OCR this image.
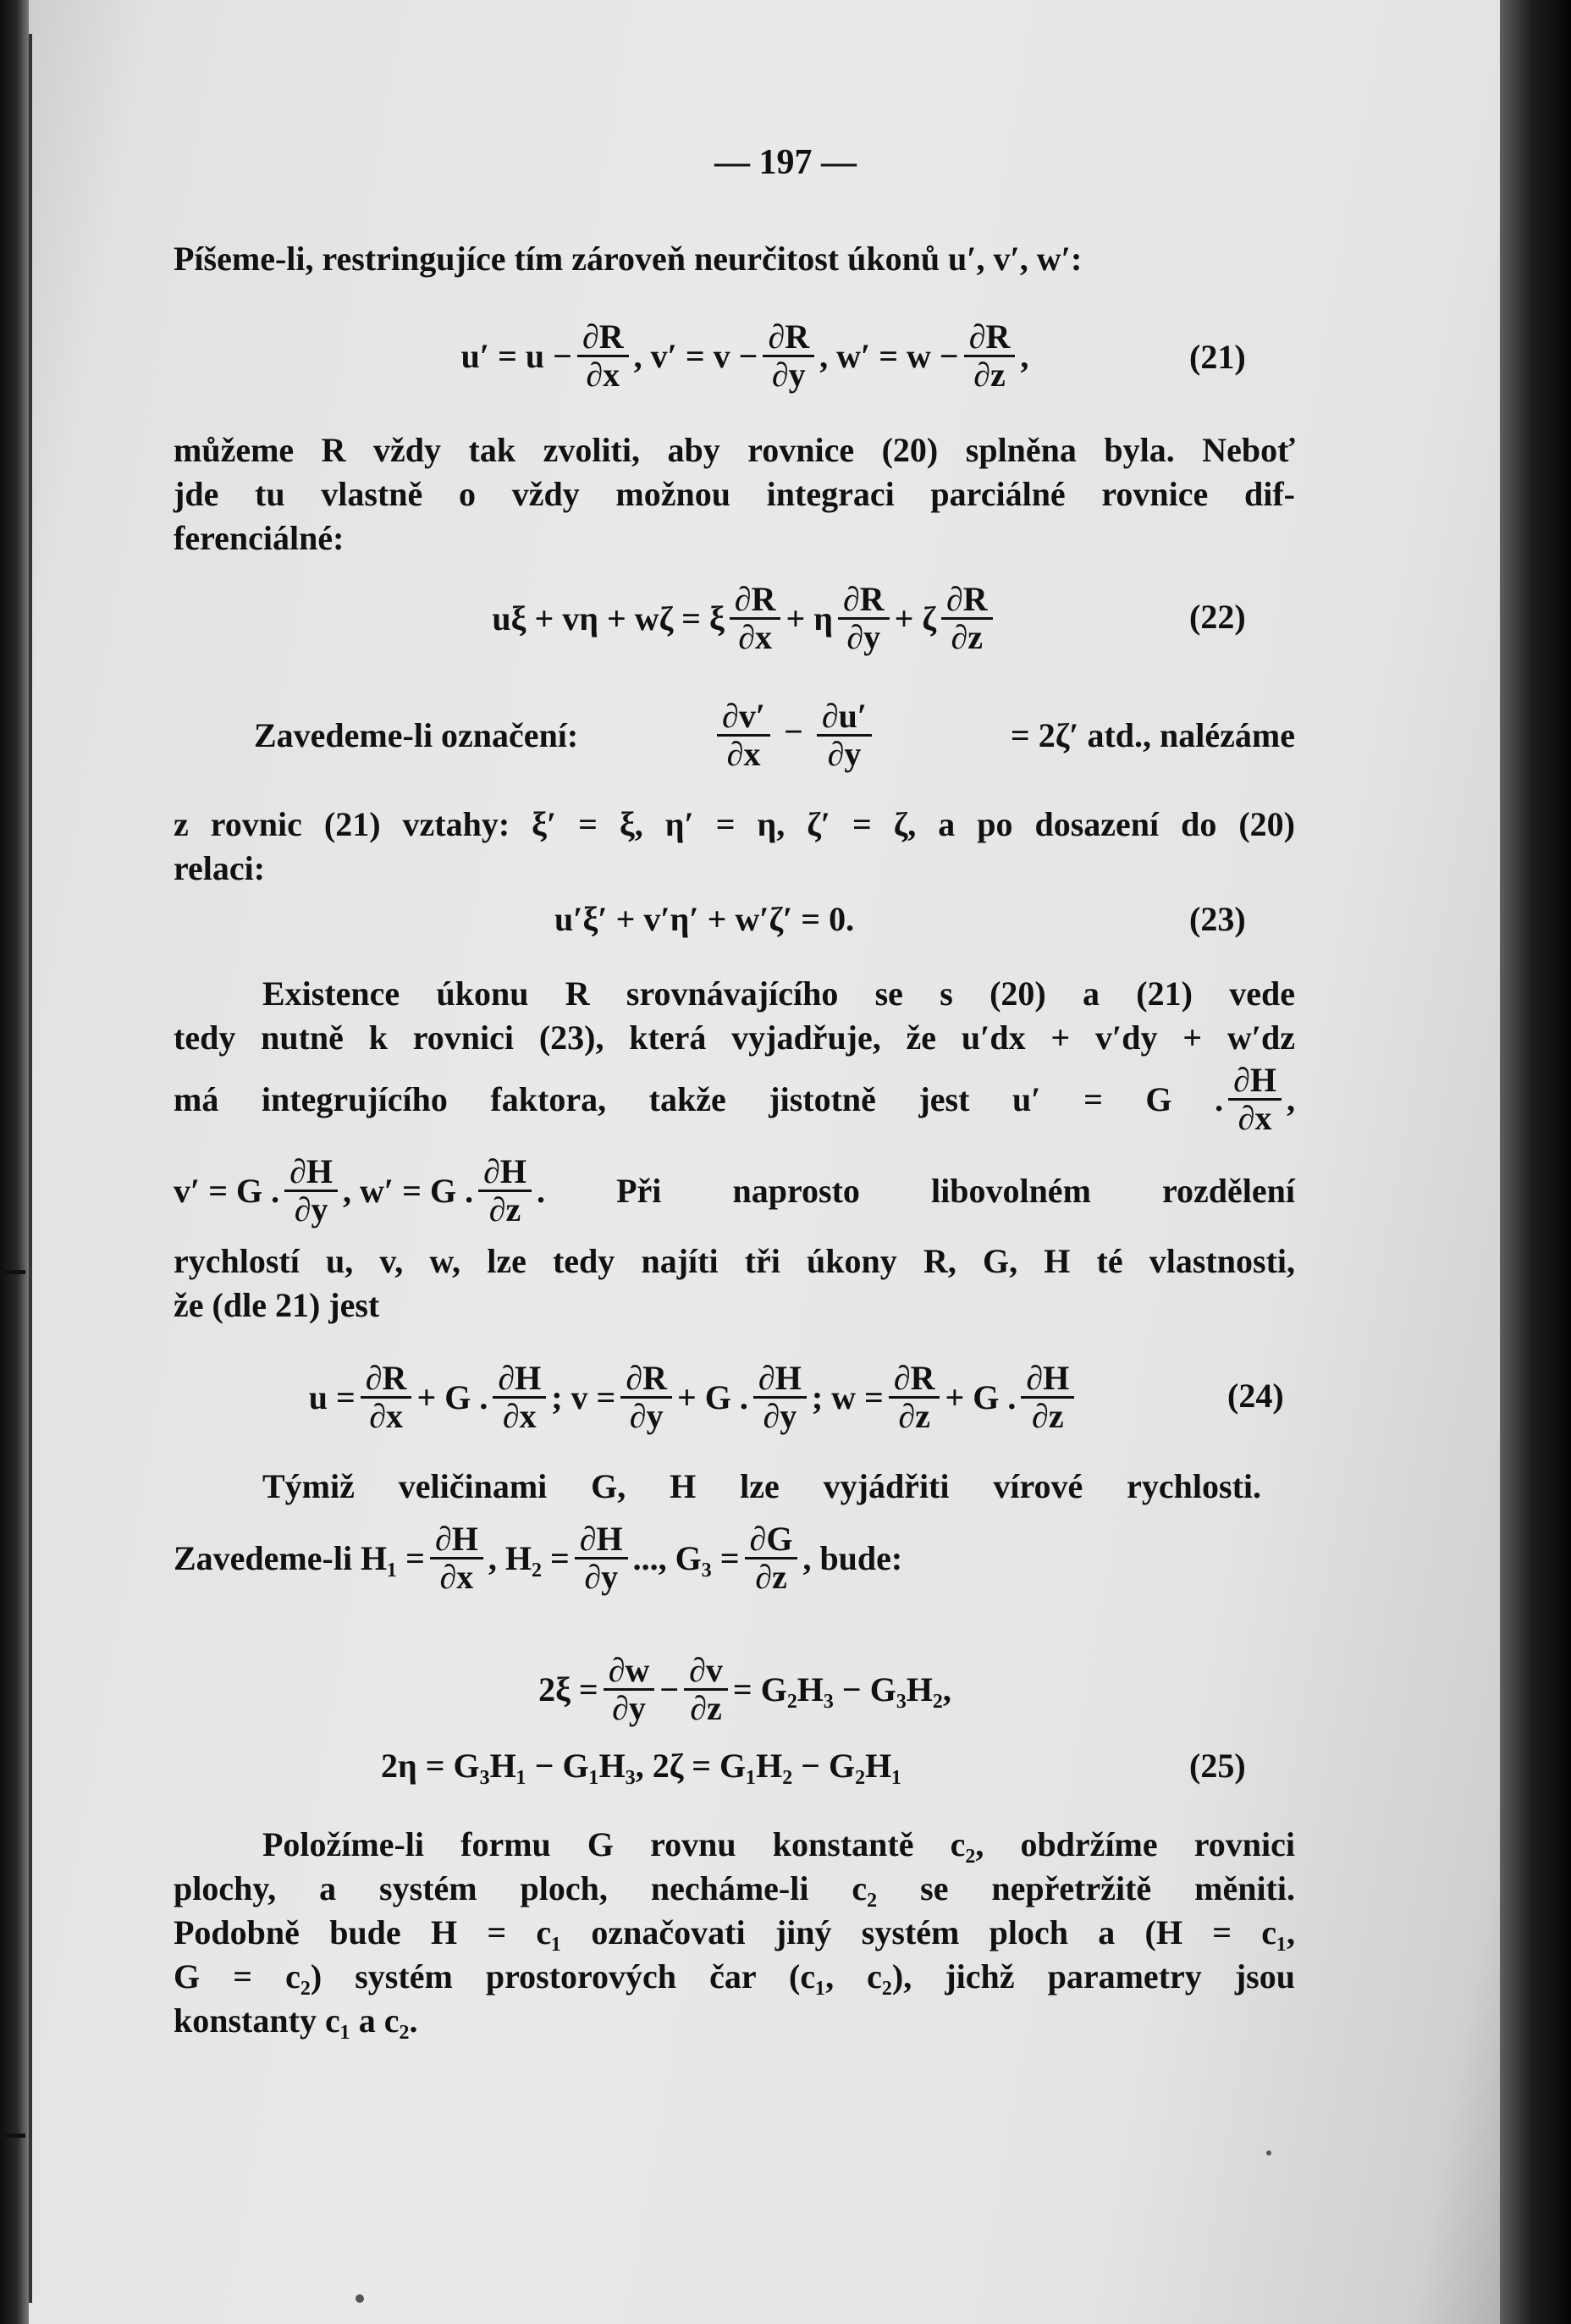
— 197 —
Píšeme-li, restringujíce tím zároveň neurčitost úkonů u′, v′, w′:
$u' = u - \frac{\partial R}{\partial x}$ , $v' = v - \frac{\partial R}{\partial y}$ , $w' = w - \frac{\partial R}{\partial z}$ ,	(21)
můžeme R vždy tak zvoliti, aby rovnice (20) splněna byla. Neboť
jde tu vlastně o vždy možnou integraci parciálné rovnice dif-
ferenciálné:
uξ + vη + wζ = ξ
∂R
∂x + η
∂R
∂y + ζ
∂R
∂z
(22)
Zavedeme-li označení:	$\frac{\partial v'}{\partial x} - \frac{\partial u'}{\partial y}$	= 2ζ′ atd., nalézáme
z rovnic (21) vztahy: ξ′ = ξ, η′ = η, ζ′ = ζ, a po dosazení do (20)
relaci:
u′ξ′ + v′η′ + w′ζ′ = 0.	(23)
Existence úkonu R srovnávajícího se s (20) a (21) vede
tedy nutně k rovnici (23), která vyjadřuje, že u′dx + v′dy + w′dz
má integrujícího faktora, takže jistotně jest u′ = G .
∂H
∂x ,
v′ = G .
∂H
∂y , w′ = G .
∂H
∂z . Při naprosto libovolném rozdělení
rychlostí u, v, w, lze tedy najíti tři úkony R, G, H té vlastnosti,
že (dle 21) jest
$u = \frac{\partial R}{\partial x} + G$ .
∂H
∂x ; $v = \frac{\partial R}{\partial y} + G$ .
∂H
∂y ; $w = \frac{\partial R}{\partial z} + G$ .
∂H
∂z
(24)
Týmiž veličinami G, H lze vyjádřiti vírové rychlosti.
Zavedeme-li $H_1 = \frac{\partial H}{\partial x}$ , $H_2 = \frac{\partial H}{\partial y}$ ..., $G_3 = \frac{\partial G}{\partial z}$ , bude:
$2\xi = \frac{\partial w}{\partial y} - \frac{\partial v}{\partial z} = G_2H_3 - G_3H_2$,
2η = G₃H₁ − G₁H₃, 2ζ = G₁H₂ − G₂H₁	(25)
Položíme-li formu G rovnu konstantě c₂, obdržíme rovnici
plochy, a systém ploch, necháme-li c₂ se nepřetržitě měniti.
Podobně bude H = c₁ označovati jiný systém ploch a (H = c₁,
G = c₂) systém prostorových čar (c₁, c₂), jichž parametry jsou
konstanty c₁ a c₂.
